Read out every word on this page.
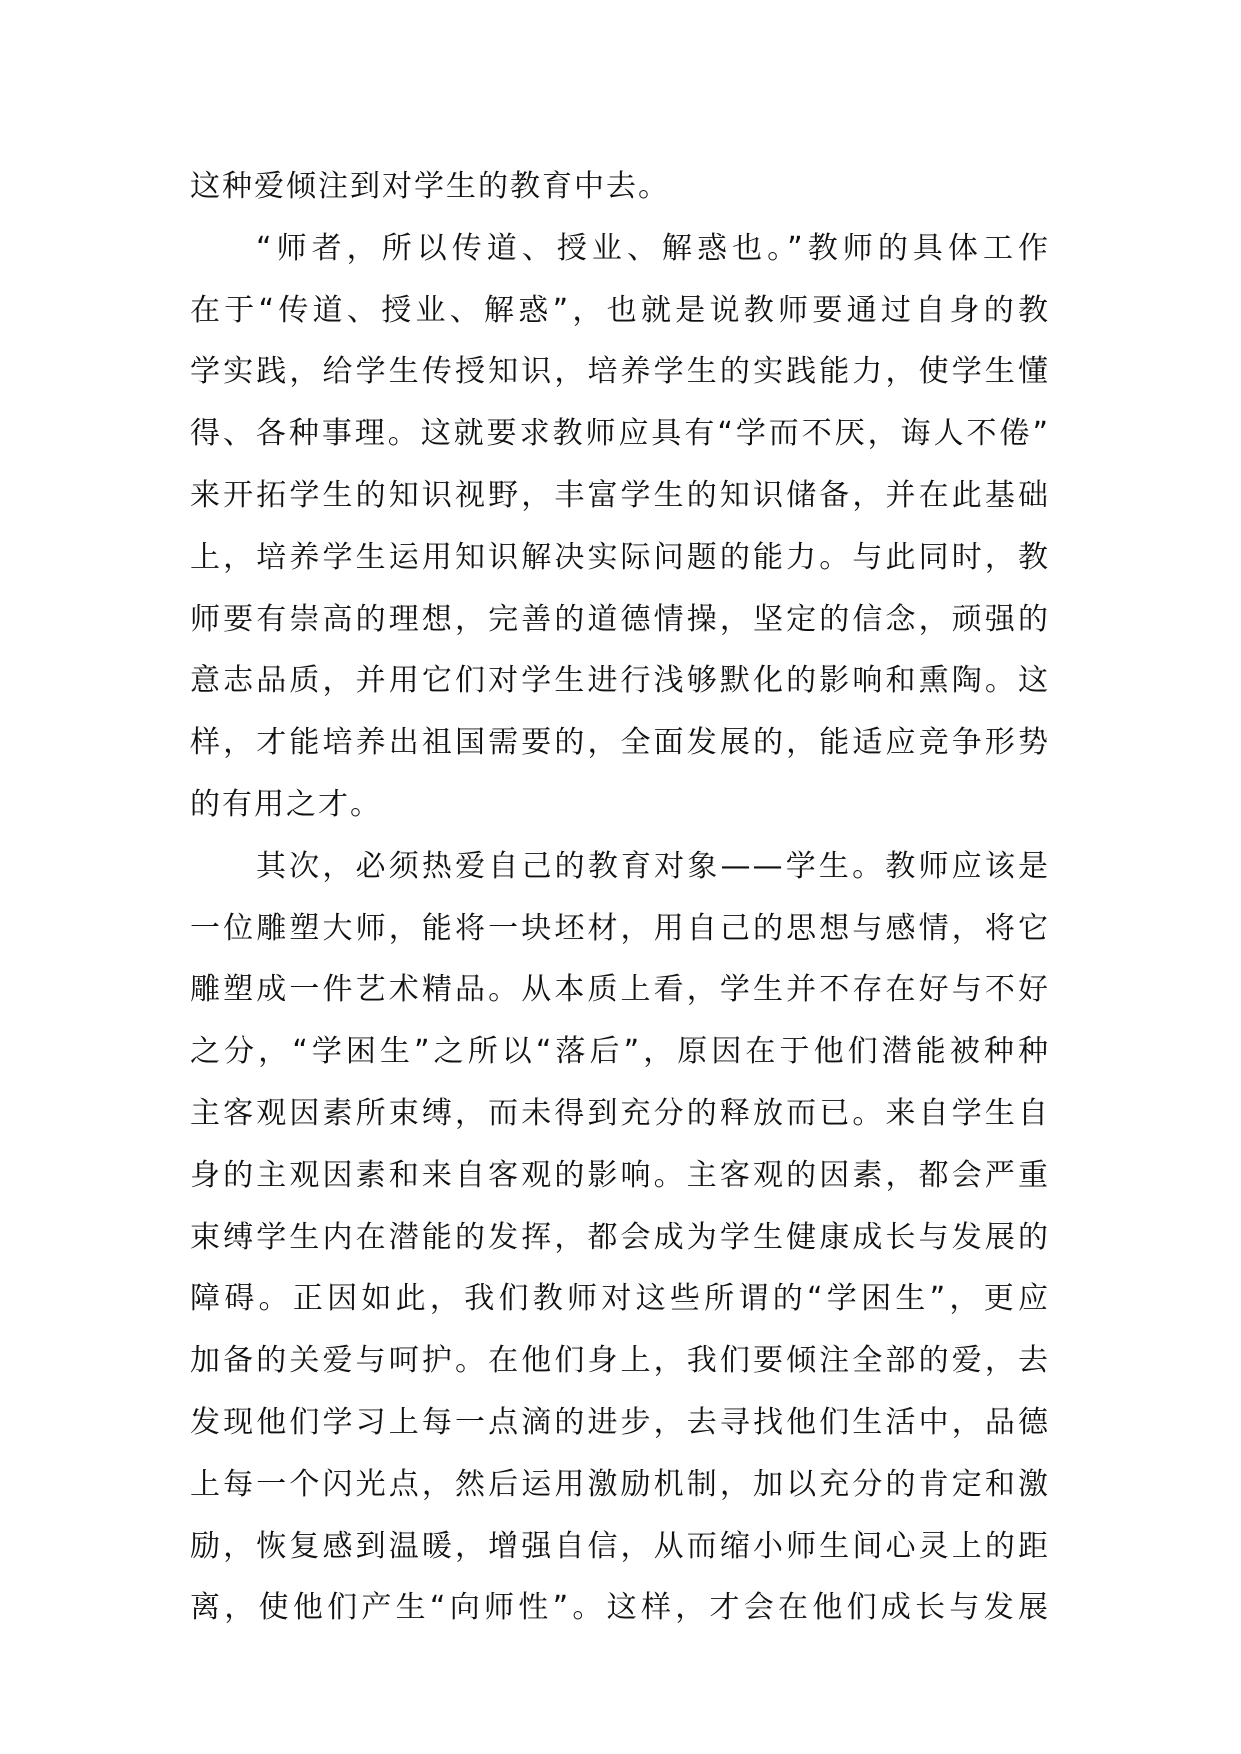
这种爱倾注到对学生的教育中去。
“师者，所以传道、授业、解惑也。”教师的具体工作
在于“传道、授业、解惑”，也就是说教师要通过自身的教
学实践，给学生传授知识，培养学生的实践能力，使学生懂
得、各种事理。这就要求教师应具有“学而不厌，诲人不倦”
来开拓学生的知识视野，丰富学生的知识储备，并在此基础
上，培养学生运用知识解决实际问题的能力。与此同时，教
师要有崇高的理想，完善的道德情操，坚定的信念，顽强的
意志品质，并用它们对学生进行浅够默化的影响和熏陶。这
样，才能培养出祖国需要的，全面发展的，能适应竞争形势
的有用之才。
其次，必须热爱自己的教育对象——学生。教师应该是
一位雕塑大师，能将一块坯材，用自己的思想与感情，将它
雕塑成一件艺术精品。从本质上看，学生并不存在好与不好
之分，“学困生”之所以“落后”，原因在于他们潜能被种种
主客观因素所束缚，而未得到充分的释放而已。来自学生自
身的主观因素和来自客观的影响。主客观的因素，都会严重
束缚学生内在潜能的发挥，都会成为学生健康成长与发展的
障碍。正因如此，我们教师对这些所谓的“学困生”，更应
加备的关爱与呵护。在他们身上，我们要倾注全部的爱，去
发现他们学习上每一点滴的进步，去寻找他们生活中，品德
上每一个闪光点，然后运用激励机制，加以充分的肯定和激
励，恢复感到温暖，增强自信，从而缩小师生间心灵上的距
离，使他们产生“向师性”。这样，才会在他们成长与发展
